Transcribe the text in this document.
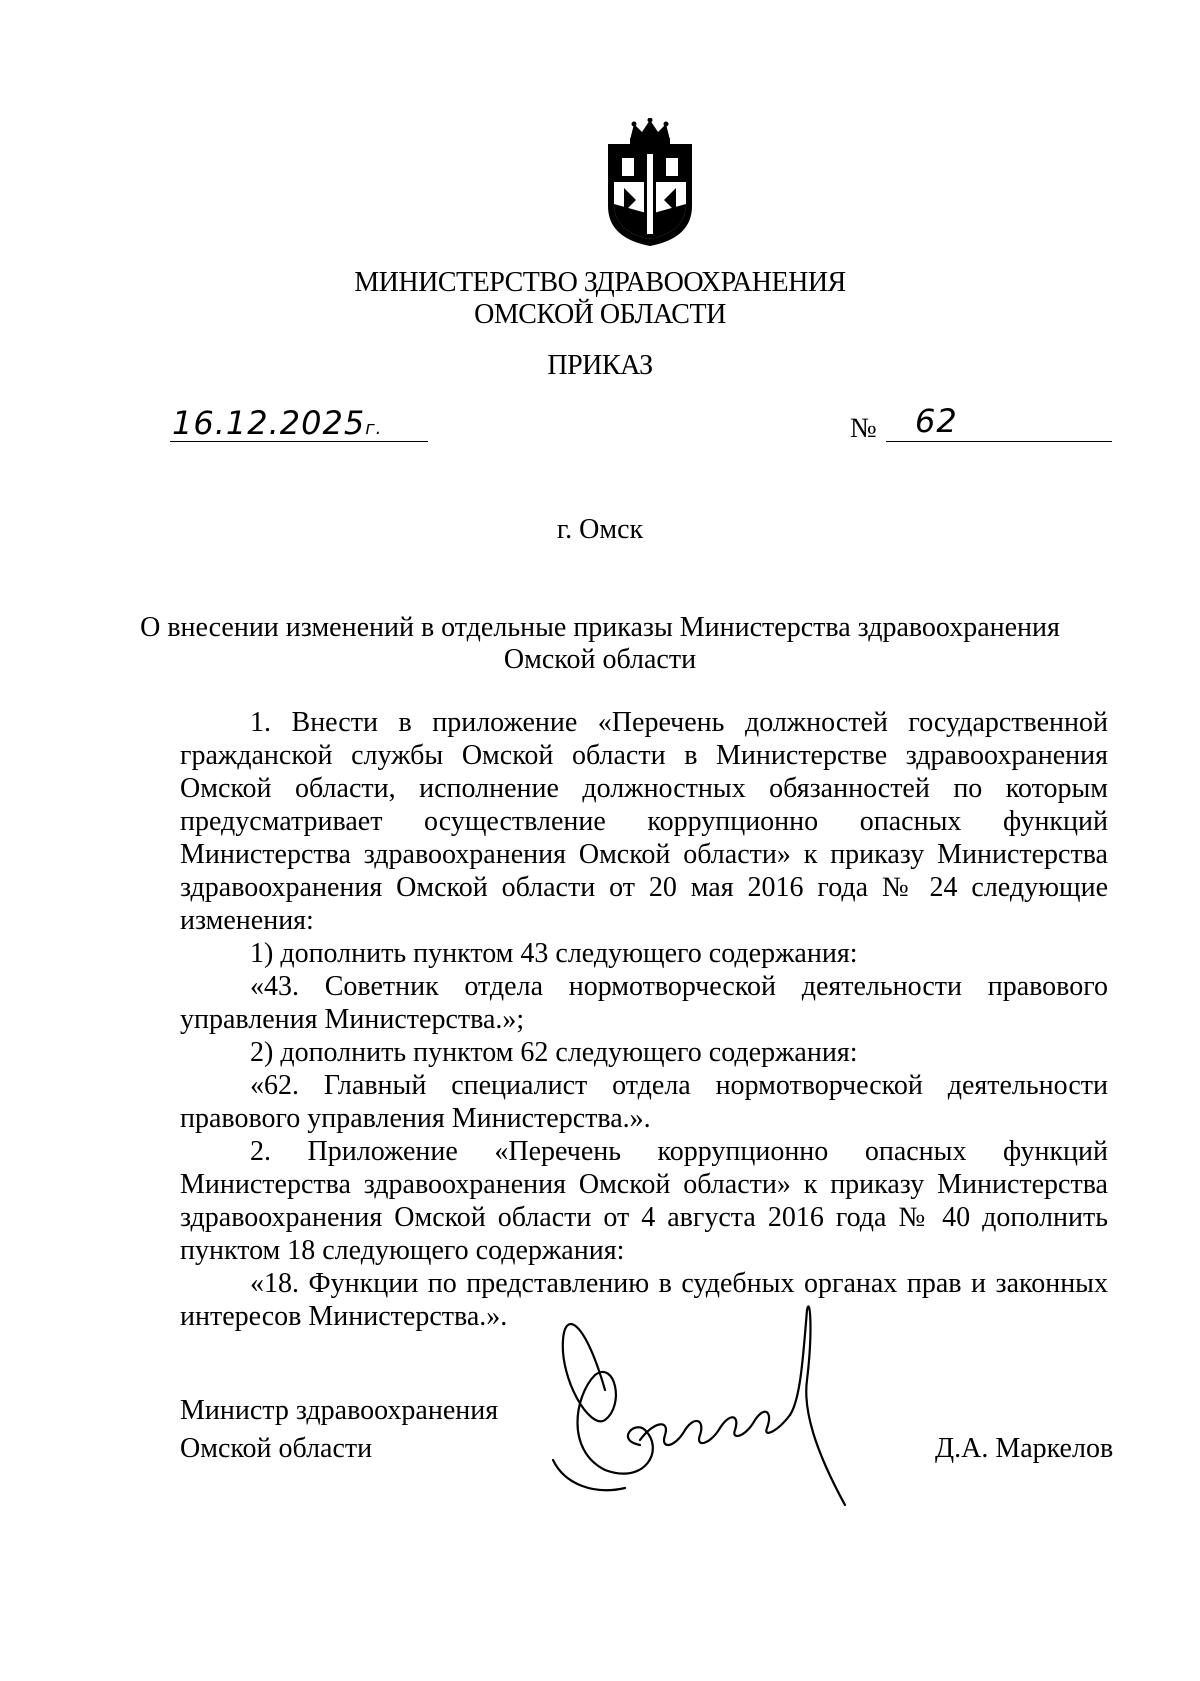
МИНИСТЕРСТВО ЗДРАВООХРАНЕНИЯ
ОМСКОЙ ОБЛАСТИ
ПРИКАЗ
16.12.2025г.	№	62
г. Омск
О внесении изменений в отдельные приказы Министерства здравоохранения
Омской области

1. Внести в приложение «Перечень должностей государственной гражданской службы Омской области в Министерстве здравоохранения Омской области, исполнение должностных обязанностей по которым предусматривает осуществление коррупционно опасных функций Министерства здравоохранения Омской области» к приказу Министерства здравоохранения Омской области от 20 мая 2016 года № 24 следующие изменения:

1) дополнить пунктом 43 следующего содержания:

«43. Советник отдела нормотворческой деятельности правового управления Министерства.»;

2) дополнить пунктом 62 следующего содержания:

«62. Главный специалист отдела нормотворческой деятельности правового управления Министерства.».

2. Приложение «Перечень коррупционно опасных функций Министерства здравоохранения Омской области» к приказу Министерства здравоохранения Омской области от 4 августа 2016 года № 40 дополнить пунктом 18 следующего содержания:

«18. Функции по представлению в судебных органах прав и законных интересов Министерства.».

Министр здравоохранения
Омской области	Д.А. Маркелов
